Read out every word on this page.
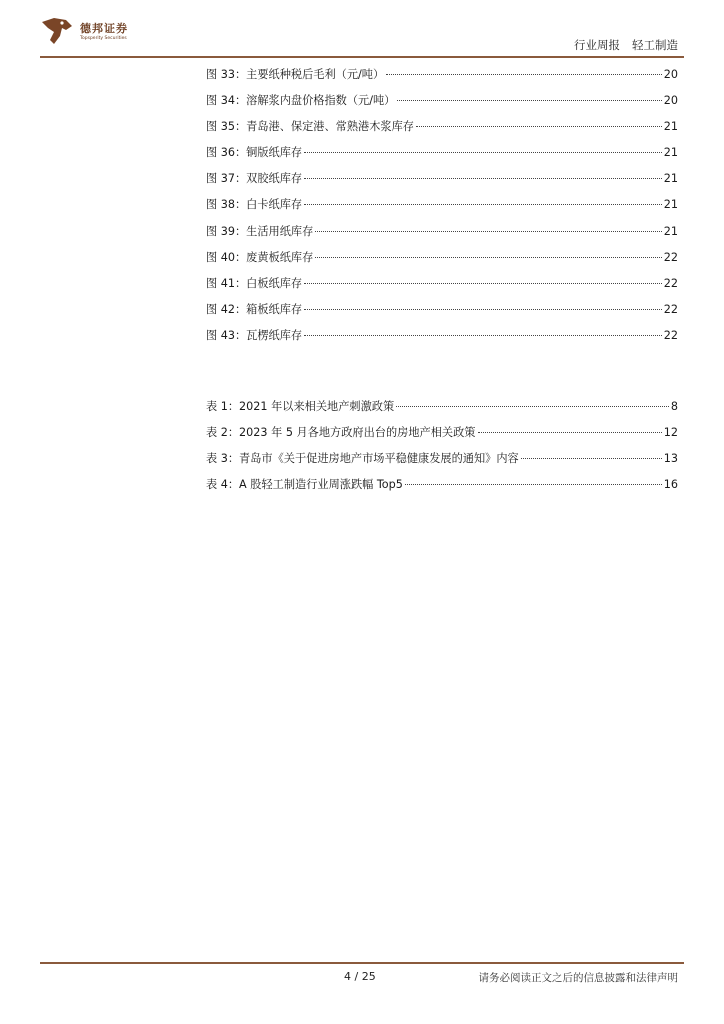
德邦证券
Topsperity Securities	行业周报 轻工制造
图 33：主要纸种税后毛利（元/吨）	20
图 34：溶解浆内盘价格指数（元/吨）	20
图 35：青岛港、保定港、常熟港木浆库存	21
图 36：铜版纸库存	21
图 37：双胶纸库存	21
图 38：白卡纸库存	21
图 39：生活用纸库存	21
图 40：废黄板纸库存	22
图 41：白板纸库存	22
图 42：箱板纸库存	22
图 43：瓦楞纸库存	22
表 1：2021 年以来相关地产刺激政策	8
表 2：2023 年 5 月各地方政府出台的房地产相关政策	12
表 3：青岛市《关于促进房地产市场平稳健康发展的通知》内容	13
表 4：A 股轻工制造行业周涨跌幅 Top5	16
4 / 25	请务必阅读正文之后的信息披露和法律声明
